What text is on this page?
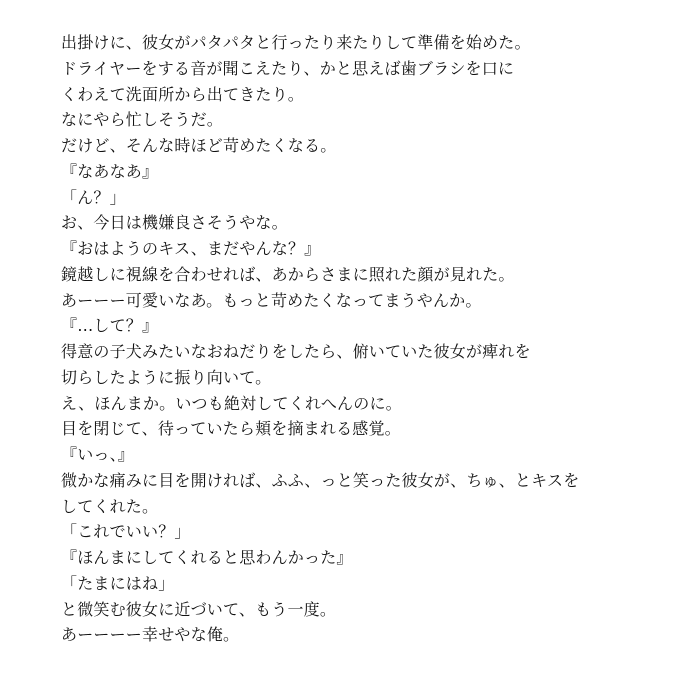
出掛けに、彼女がパタパタと行ったり来たりして準備を始めた。
ドライヤーをする音が聞こえたり、かと思えば歯ブラシを口に
くわえて洗面所から出てきたり。
なにやら忙しそうだ。
だけど、そんな時ほど苛めたくなる。
『なあなあ』
「ん？」
お、今日は機嫌良さそうやな。
『おはようのキス、まだやんな？』
鏡越しに視線を合わせれば、あからさまに照れた顔が見れた。
あーーー可愛いなあ。もっと苛めたくなってまうやんか。
『…して？』
得意の子犬みたいなおねだりをしたら、俯いていた彼女が痺れを
切らしたように振り向いて。
え、ほんまか。いつも絶対してくれへんのに。
目を閉じて、待っていたら頬を摘まれる感覚。
『いっ、』
微かな痛みに目を開ければ、ふふ、っと笑った彼女が、ちゅ、とキスを
してくれた。
「これでいい？」
『ほんまにしてくれると思わんかった』
「たまにはね」
と微笑む彼女に近づいて、もう一度。
あーーーー幸せやな俺。
